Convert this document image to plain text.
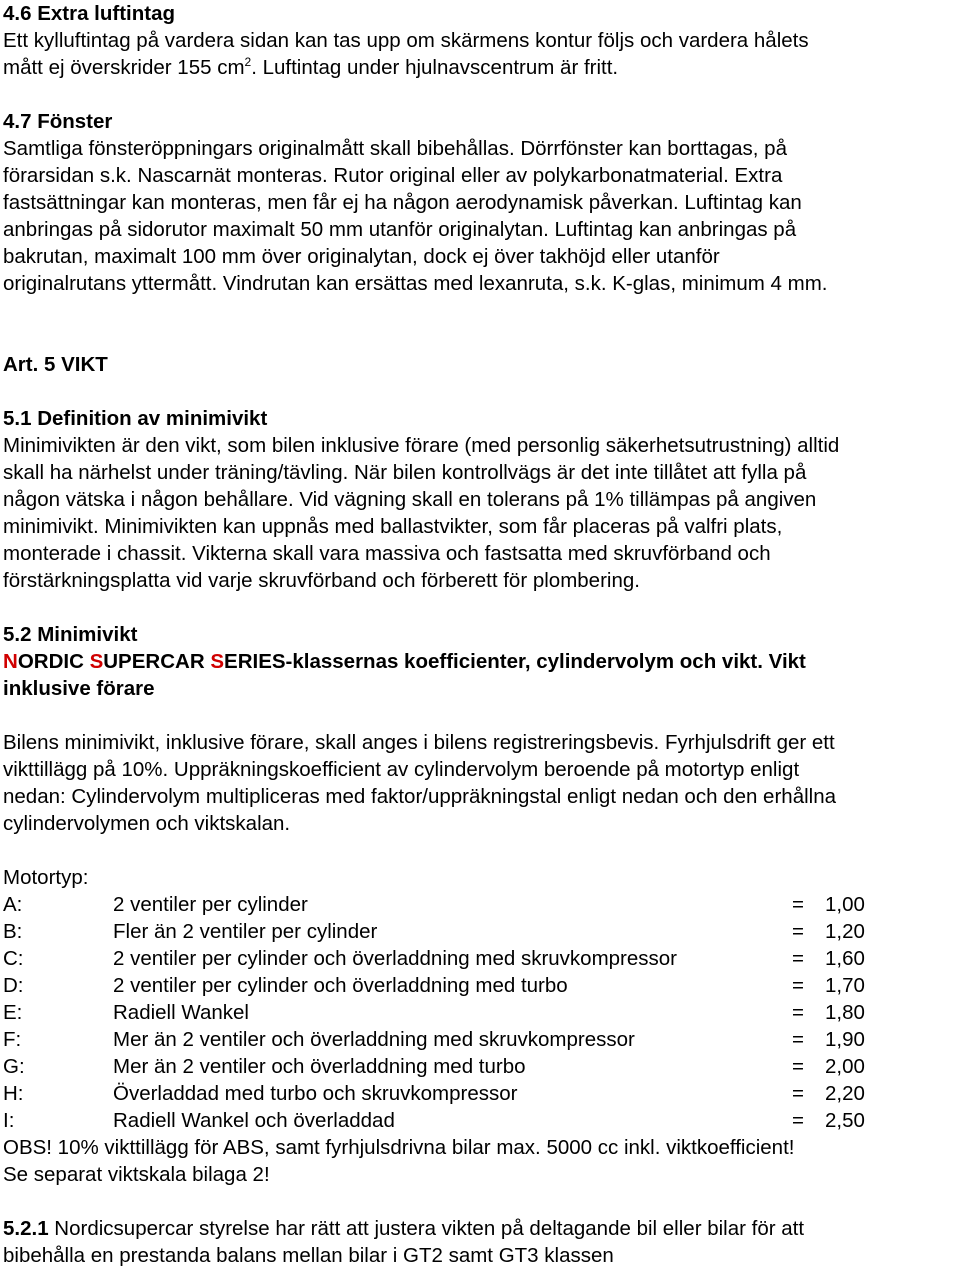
4.6 Extra luftintag
Ett kylluftintag på vardera sidan kan tas upp om skärmens kontur följs och vardera hålets
mått ej överskrider 155 $cm^2$. Luftintag under hjulnavscentrum är fritt.
4.7 Fönster
Samtliga fönsteröppningars originalmått skall bibehållas. Dörrfönster kan borttagas, på
förarsidan s.k. Nascarnät monteras. Rutor original eller av polykarbonatmaterial. Extra
fastsättningar kan monteras, men får ej ha någon aerodynamisk påverkan. Luftintag kan
anbringas på sidorutor maximalt 50 mm utanför originalytan. Luftintag kan anbringas på
bakrutan, maximalt 100 mm över originalytan, dock ej över takhöjd eller utanför
originalrutans yttermått. Vindrutan kan ersättas med lexanruta, s.k. K-glas, minimum 4 mm.
Art. 5 VIKT
5.1 Definition av minimivikt
Minimivikten är den vikt, som bilen inklusive förare (med personlig säkerhetsutrustning) alltid
skall ha närhelst under träning/tävling. När bilen kontrollvägs är det inte tillåtet att fylla på
någon vätska i någon behållare. Vid vägning skall en tolerans på 1% tillämpas på angiven
minimivikt. Minimivikten kan uppnås med ballastvikter, som får placeras på valfri plats,
monterade i chassit. Vikterna skall vara massiva och fastsatta med skruvförband och
förstärkningsplatta vid varje skruvförband och förberett för plombering.
5.2 Minimivikt
NORDIC SUPERCAR SERIES-klassernas koefficienter, cylindervolym och vikt. Vikt
inklusive förare
Bilens minimivikt, inklusive förare, skall anges i bilens registreringsbevis. Fyrhjulsdrift ger ett
vikttillägg på 10%. Uppräkningskoefficient av cylindervolym beroende på motortyp enligt
nedan: Cylindervolym multipliceras med faktor/uppräkningstal enligt nedan och den erhållna
cylindervolymen och viktskalan.
Motortyp:
A:	2 ventiler per cylinder	= 1,00
B:	Fler än 2 ventiler per cylinder	= 1,20
C:	2 ventiler per cylinder och överladdning med skruvkompressor	= 1,60
D:	2 ventiler per cylinder och överladdning med turbo	= 1,70
E:	Radiell Wankel	= 1,80
F:	Mer än 2 ventiler och överladdning med skruvkompressor	= 1,90
G:	Mer än 2 ventiler och överladdning med turbo	= 2,00
H:	Överladdad med turbo och skruvkompressor	= 2,20
I:	Radiell Wankel och överladdad	= 2,50
OBS! 10% vikttillägg för ABS, samt fyrhjulsdrivna bilar max. 5000 cc inkl. viktkoefficient!
Se separat viktskala bilaga 2!
5.2.1 Nordicsupercar styrelse har rätt att justera vikten på deltagande bil eller bilar för att
bibehålla en prestanda balans mellan bilar i GT2 samt GT3 klassen
